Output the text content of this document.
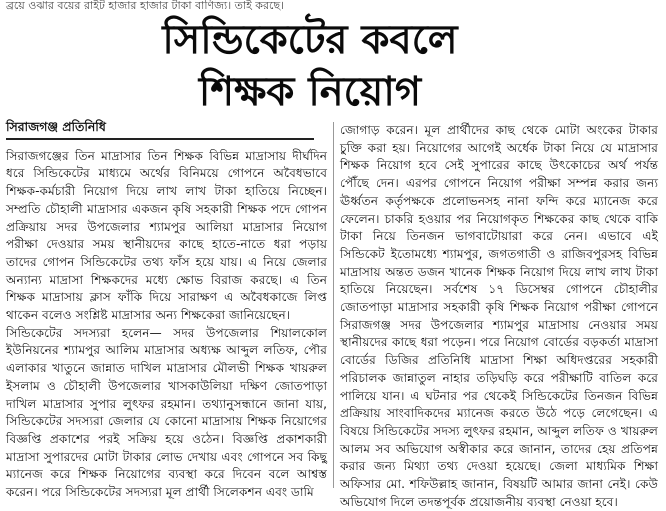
ব্রয়ে ওঝার বয়ের রাইট হাজার হাজার টাকা বাণিজ্য। তাই করছে।
সিন্ডিকেটের কবলে
শিক্ষক নিয়োগ
সিরাজগঞ্জ প্রতিনিধি

সিরাজগঞ্জের তিন মাদ্রাসার তিন শিক্ষক বিভিন্ন মাদ্রাসায় দীর্ঘদিন ধরে সিন্ডিকেটের মাধ্যমে অর্থের বিনিময়ে গোপনে অবৈধভাবে শিক্ষক-কর্মচারী নিয়োগ দিয়ে লাখ লাখ টাকা হাতিয়ে নিচ্ছেন। সম্প্রতি চৌহালী মাদ্রাসার একজন কৃষি সহকারী শিক্ষক পদে গোপন প্রক্রিয়ায় সদর উপজেলার শ্যামপুর আলিয়া মাদ্রাসার নিয়োগ পরীক্ষা দেওয়ার সময় স্থানীয়দের কাছে হাতে-নাতে ধরা পড়ায় তাদের গোপন সিন্ডিকেটের তথ্য ফাঁস হয়ে যায়। এ নিয়ে জেলার অন্যান্য মাদ্রাসা শিক্ষকদের মধ্যে ক্ষোভ বিরাজ করছে। এ তিন শিক্ষক মাদ্রাসায় ক্লাস ফাঁকি দিয়ে সারাক্ষণ এ অবৈধকাজে লিপ্ত থাকেন বলেও সংশ্লিষ্ট মাদ্রাসার অন্য শিক্ষকেরা জানিয়েছেন।

সিন্ডিকেটের সদস্যরা হলেন— সদর উপজেলার শিয়ালকোল ইউনিয়নের শ্যামপুর আলিম মাদ্রাসার অধ্যক্ষ আব্দুল লতিফ, পৌর এলাকার খাতুনে জান্নাত দাখিল মাদ্রাসার মৌলভী শিক্ষক খায়রুল ইসলাম ও চৌহালী উপজেলার খাসকাউলিয়া দক্ষিণ জোতপাড়া দাখিল মাদ্রাসার সুপার লুৎফর রহমান। তথ্যানুসন্ধানে জানা যায়, সিন্ডিকেটের সদস্যরা জেলার যে কোনো মাদ্রাসায় শিক্ষক নিয়োগের বিজ্ঞপ্তি প্রকাশের পরই সক্রিয় হয়ে ওঠেন। বিজ্ঞপ্তি প্রকাশকারী মাদ্রাসা সুপারদের মোটা টাকার লোভ দেখায় এবং গোপনে সব কিছু ম্যানেজ করে শিক্ষক নিয়োগের ব্যবস্থা করে দিবেন বলে আশ্বস্ত করেন। পরে সিন্ডিকেটের সদস্যরা মূল প্রার্থী সিলেকশন এবং ডামি

জোগাড় করেন। মূল প্রার্থীদের কাছ থেকে মোটা অংকের টাকার চুক্তি করা হয়। নিয়োগের আগেই অর্ধেক টাকা নিয়ে যে মাদ্রাসার শিক্ষক নিয়োগ হবে সেই সুপারের কাছে উৎকোচের অর্থ পর্যন্ত পৌঁছে দেন। এরপর গোপনে নিয়োগ পরীক্ষা সম্পন্ন করার জন্য ঊর্ধ্বতন কর্তৃপক্ষকে প্রলোভনসহ নানা ফন্দি করে ম্যানেজ করে ফেলেন। চাকরি হওয়ার পর নিয়োগকৃত শিক্ষকের কাছ থেকে বাকি টাকা নিয়ে তিনজন ভাগবাটোয়ারা করে নেন। এভাবে এই সিন্ডিকেট ইতোমধ্যে শ্যামপুর, জগতগাতী ও রাজিবপুরসহ বিভিন্ন মাদ্রাসায় অন্তত ডজন খানেক শিক্ষক নিয়োগ দিয়ে লাখ লাখ টাকা হাতিয়ে নিয়েছেন। সর্বশেষ ১৭ ডিসেম্বর গোপনে চৌহালীর জোতপাড়া মাদ্রাসার সহকারী কৃষি শিক্ষক নিয়োগ পরীক্ষা গোপনে সিরাজগঞ্জ সদর উপজেলার শ্যামপুর মাদ্রাসায় নেওয়ার সময় স্থানীয়দের কাছে ধরা পড়েন। পরে নিয়োগ বোর্ডের বড়কর্তা মাদ্রাসা বোর্ডের ডিজির প্রতিনিধি মাদ্রাসা শিক্ষা অধিদপ্তরের সহকারী পরিচালক জান্নাতুল নাহার তড়িঘড়ি করে পরীক্ষাটি বাতিল করে পালিয়ে যান। এ ঘটনার পর থেকেই সিন্ডিকেটের তিনজন বিভিন্ন প্রক্রিয়ায় সাংবাদিকদের ম্যানেজ করতে উঠে পড়ে লেগেছেন। এ বিষয়ে সিন্ডিকেটের সদস্য লুৎফর রহমান, আব্দুল লতিফ ও খায়রুল আলম সব অভিযোগ অস্বীকার করে জানান, তাদের হেয় প্রতিপন্ন করার জন্য মিথ্যা তথ্য দেওয়া হয়েছে। জেলা মাধ্যমিক শিক্ষা অফিসার মো. শফিউল্লাহ জানান, বিষয়টি আমার জানা নেই। কেউ অভিযোগ দিলে তদন্তপূর্বক প্রয়োজনীয় ব্যবস্থা নেওয়া হবে।
